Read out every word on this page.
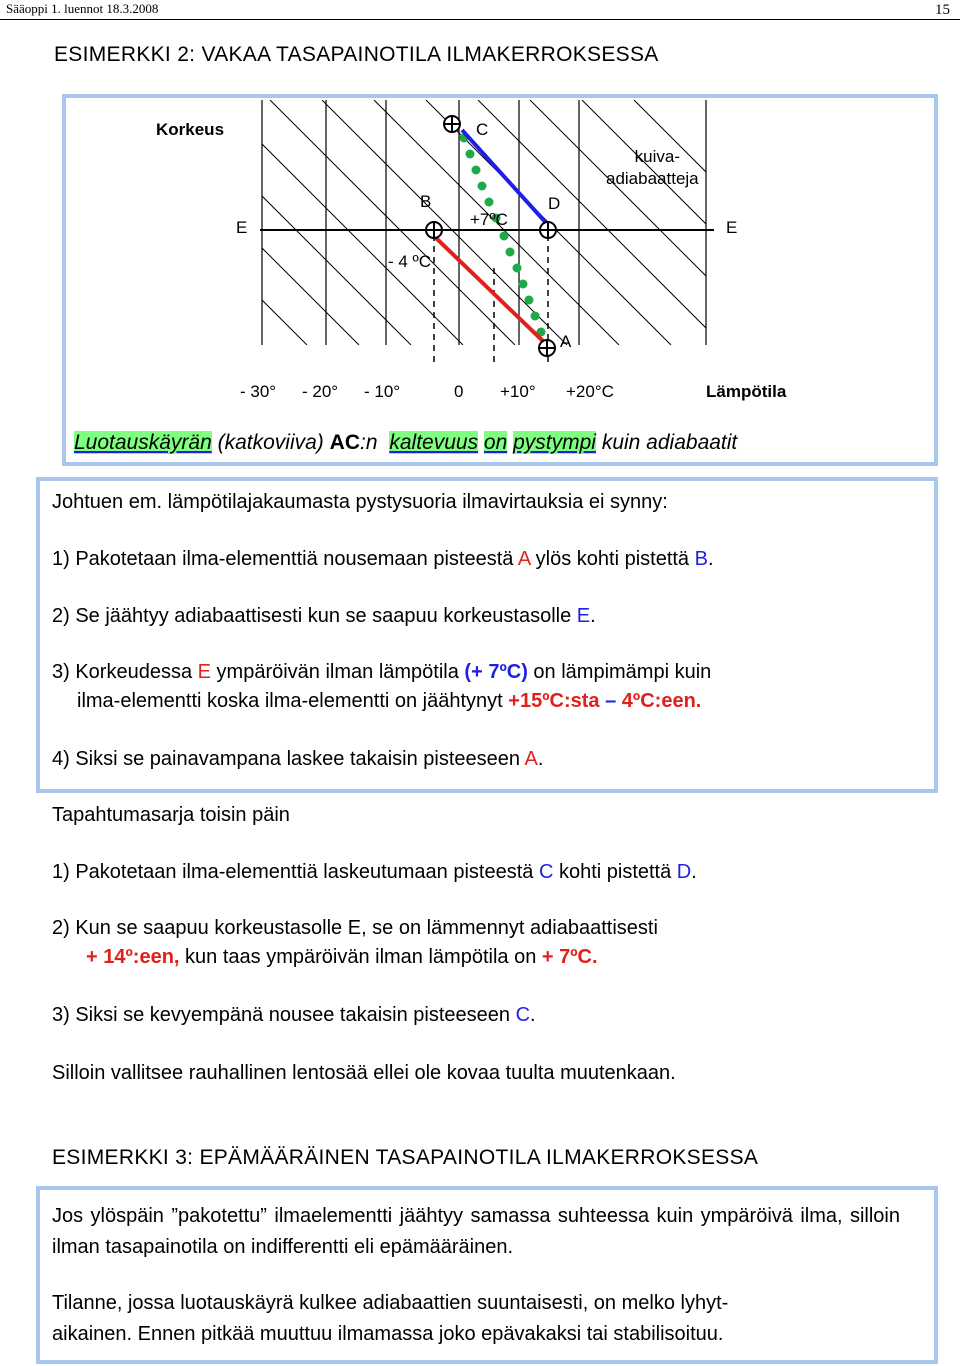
Sääoppi 1. luennot 18.3.2008	15
ESIMERKKI 2: VAKAA TASAPAINOTILA ILMAKERROKSESSA
Korkeus
E	E
C
B	D
A
- 4 ºC
+7ºC
kuiva-
adiabaatteja
- 30° - 20° - 10°	0 +10° +20°C	Lämpötila
Luotauskäyrän (katkoviiva) AC:n kaltevuus on pystympi kuin adiabaatit
Johtuen em. lämpötilajakaumasta pystysuoria ilmavirtauksia ei synny:
1) Pakotetaan ilma-elementtiä nousemaan pisteestä A ylös kohti pistettä B.
2) Se jäähtyy adiabaattisesti kun se saapuu korkeustasolle E.
3) Korkeudessa E ympäröivän ilman lämpötila (+ 7ºC) on lämpimämpi kuin
ilma-elementti koska ilma-elementti on jäähtynyt +15ºC:sta – 4ºC:een.
4) Siksi se painavampana laskee takaisin pisteeseen A.
Tapahtumasarja toisin päin
1) Pakotetaan ilma-elementtiä laskeutumaan pisteestä C kohti pistettä D.
2) Kun se saapuu korkeustasolle E, se on lämmennyt adiabaattisesti
+ 14º:een, kun taas ympäröivän ilman lämpötila on + 7ºC.
3) Siksi se kevyempänä nousee takaisin pisteeseen C.
Silloin vallitsee rauhallinen lentosää ellei ole kovaa tuulta muutenkaan.
ESIMERKKI 3: EPÄMÄÄRÄINEN TASAPAINOTILA ILMAKERROKSESSA
Jos ylöspäin ”pakotettu” ilmaelementti jäähtyy samassa suhteessa kuin ympäröivä ilma, silloin ilman tasapainotila on indifferentti eli epämääräinen.
Tilanne, jossa luotauskäyrä kulkee adiabaattien suuntaisesti, on melko lyhyt-
aikainen. Ennen pitkää muuttuu ilmamassa joko epävakaksi tai stabilisoituu.
